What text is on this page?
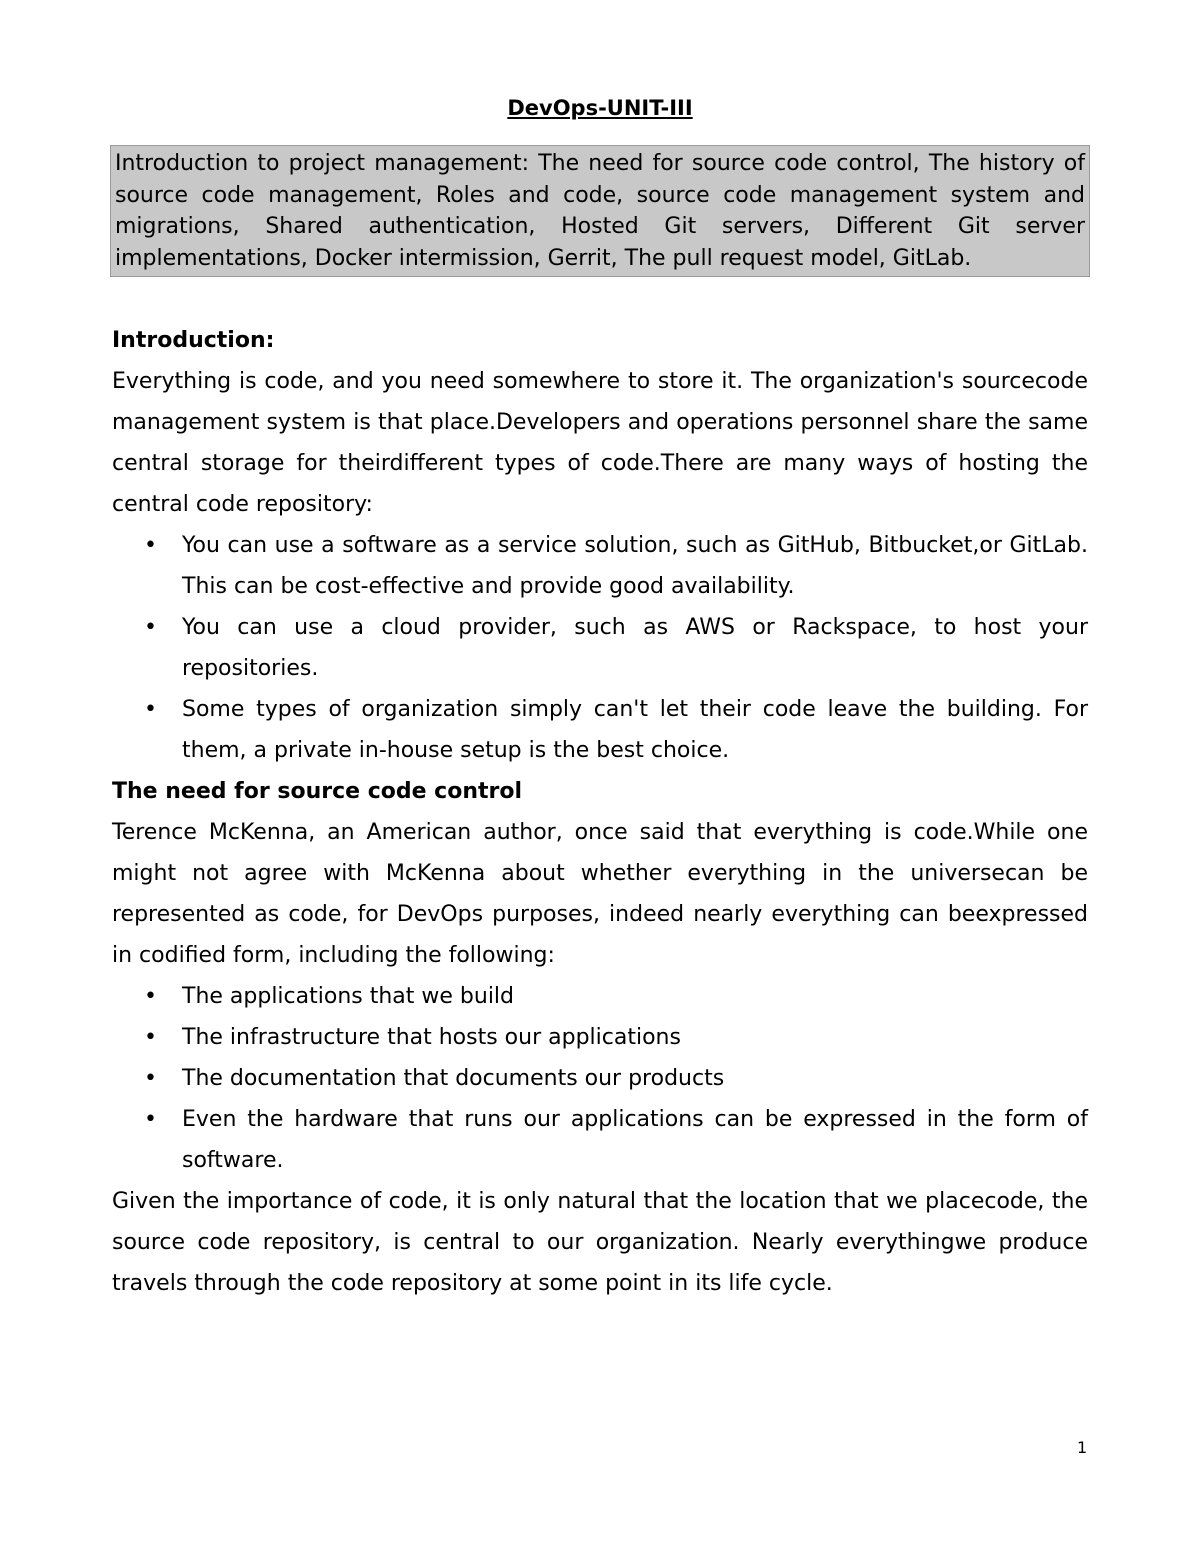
DevOps-UNIT-III
Introduction to project management: The need for source code control, The history of source code management, Roles and code, source code management system and migrations, Shared authentication, Hosted Git servers, Different Git server implementations, Docker intermission, Gerrit, The pull request model, GitLab.

Introduction:

Everything is code, and you need somewhere to store it. The organization's sourcecode management system is that place.Developers and operations personnel share the same central storage for theirdifferent types of code.There are many ways of hosting the central code repository:

• You can use a software as a service solution, such as GitHub, Bitbucket,or GitLab. This can be cost-effective and provide good availability.
• You can use a cloud provider, such as AWS or Rackspace, to host your repositories.
• Some types of organization simply can't let their code leave the building. For them, a private in-house setup is the best choice.

The need for source code control

Terence McKenna, an American author, once said that everything is code.While one might not agree with McKenna about whether everything in the universecan be represented as code, for DevOps purposes, indeed nearly everything can beexpressed in codified form, including the following:

• The applications that we build
• The infrastructure that hosts our applications
• The documentation that documents our products
• Even the hardware that runs our applications can be expressed in the form of software.

Given the importance of code, it is only natural that the location that we placecode, the source code repository, is central to our organization. Nearly everythingwe produce travels through the code repository at some point in its life cycle.

1
